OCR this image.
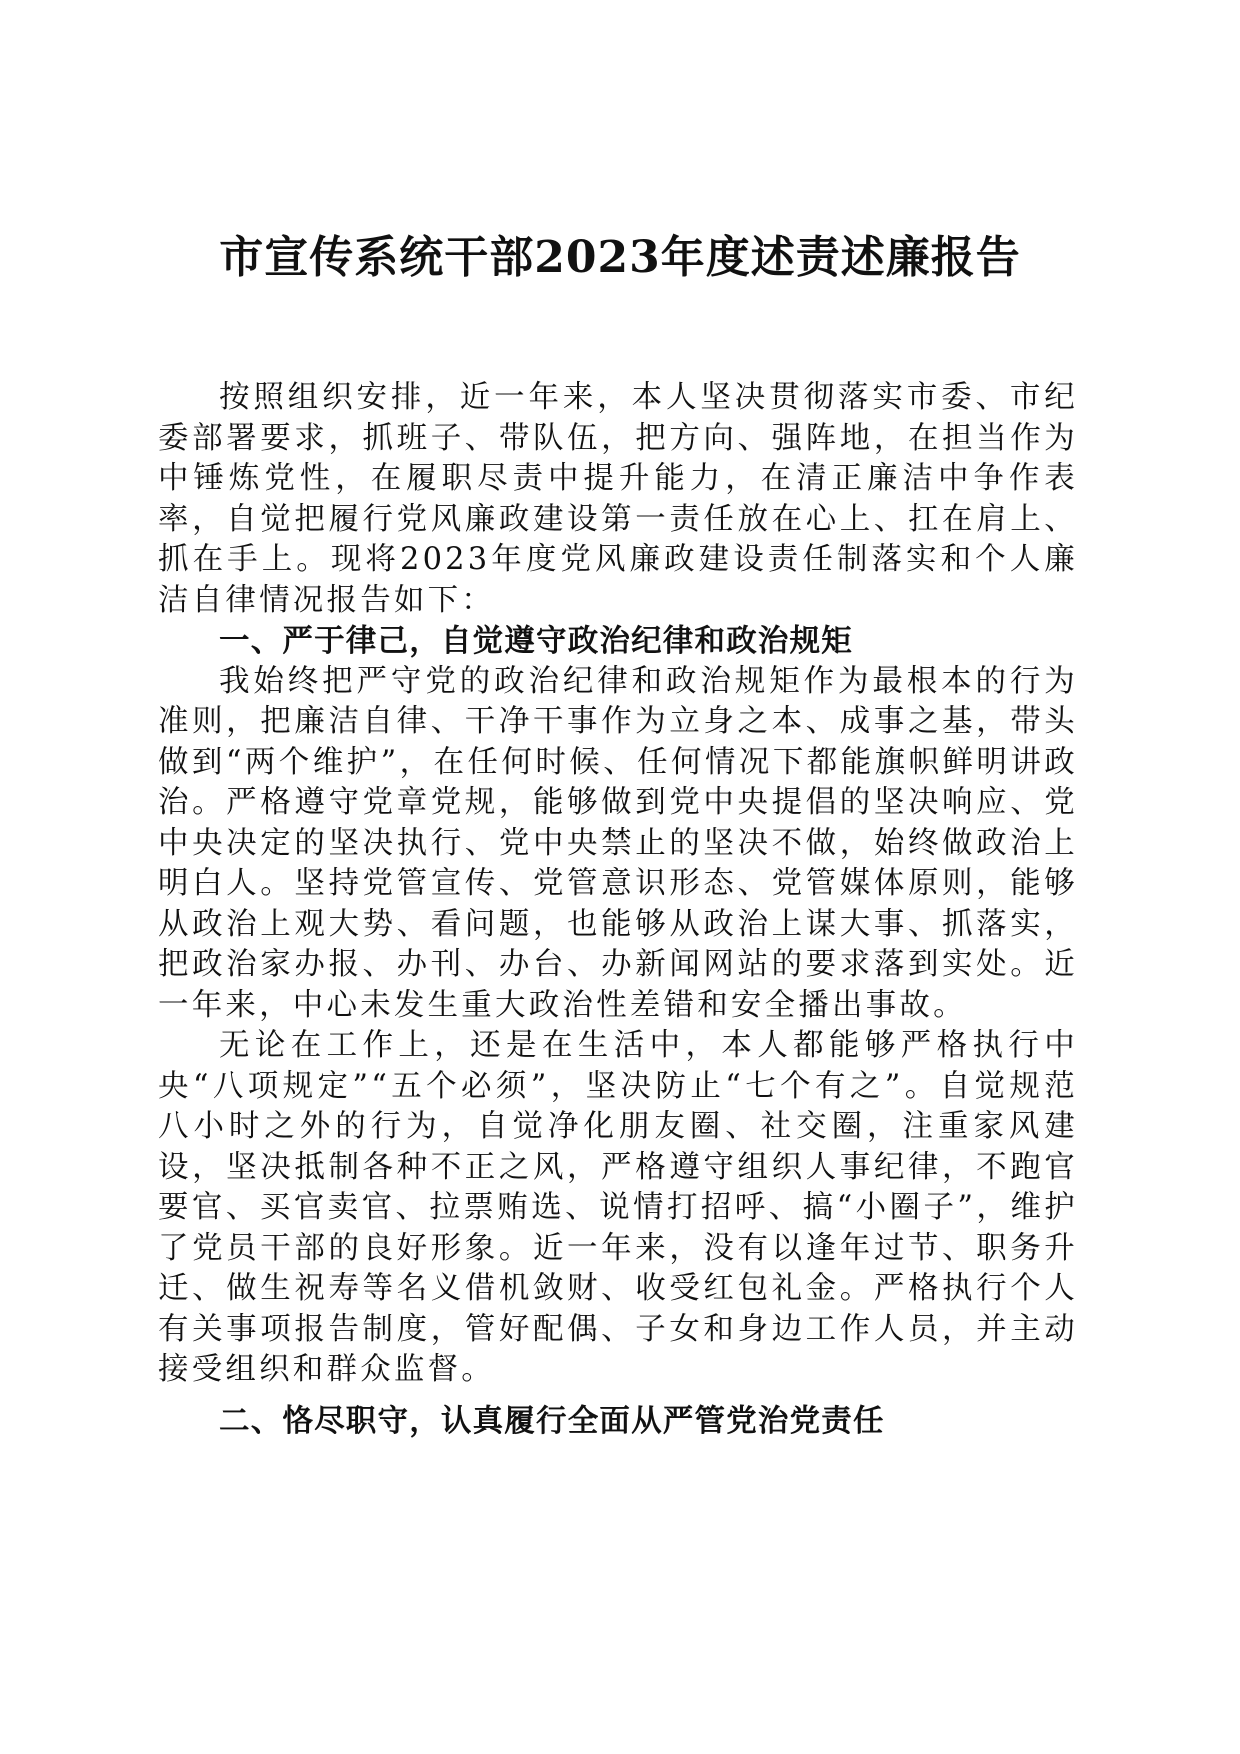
市宣传系统干部2023年度述责述廉报告

按照组织安排，近一年来，本人坚决贯彻落实市委、市纪委部署要求，抓班子、带队伍，把方向、强阵地，在担当作为中锤炼党性，在履职尽责中提升能力，在清正廉洁中争作表率，自觉把履行党风廉政建设第一责任放在心上、扛在肩上、抓在手上。现将2023年度党风廉政建设责任制落实和个人廉洁自律情况报告如下：

一、严于律己，自觉遵守政治纪律和政治规矩

我始终把严守党的政治纪律和政治规矩作为最根本的行为准则，把廉洁自律、干净干事作为立身之本、成事之基，带头做到“两个维护”，在任何时候、任何情况下都能旗帜鲜明讲政治。严格遵守党章党规，能够做到党中央提倡的坚决响应、党中央决定的坚决执行、党中央禁止的坚决不做，始终做政治上明白人。坚持党管宣传、党管意识形态、党管媒体原则，能够从政治上观大势、看问题，也能够从政治上谋大事、抓落实，把政治家办报、办刊、办台、办新闻网站的要求落到实处。近一年来，中心未发生重大政治性差错和安全播出事故。

无论在工作上，还是在生活中，本人都能够严格执行中央“八项规定”“五个必须”，坚决防止“七个有之”。自觉规范八小时之外的行为，自觉净化朋友圈、社交圈，注重家风建设，坚决抵制各种不正之风，严格遵守组织人事纪律，不跑官要官、买官卖官、拉票贿选、说情打招呼、搞“小圈子”，维护了党员干部的良好形象。近一年来，没有以逢年过节、职务升迁、做生祝寿等名义借机敛财、收受红包礼金。严格执行个人有关事项报告制度，管好配偶、子女和身边工作人员，并主动接受组织和群众监督。

二、恪尽职守，认真履行全面从严管党治党责任
